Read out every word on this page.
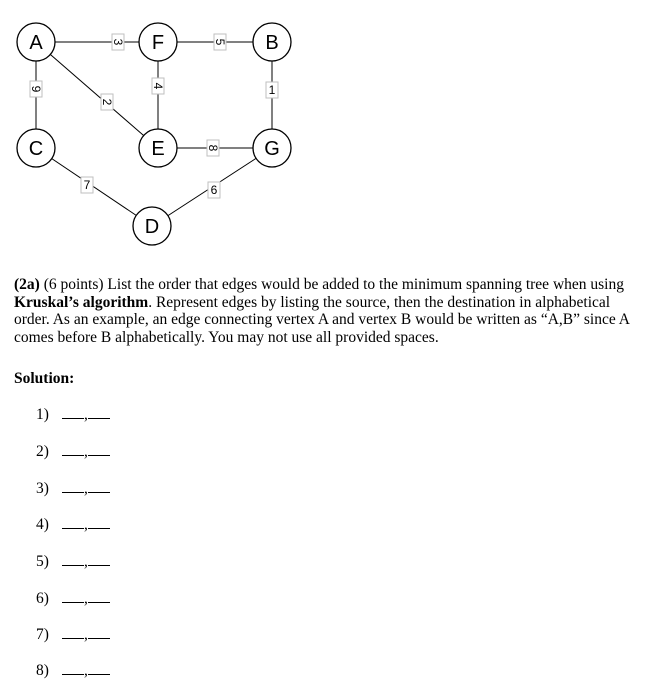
3	5
9
2
4	1
8
7	6
A	F	B
C	E	G
D
(2a) (6 points) List the order that edges would be added to the minimum spanning tree when using Kruskal’s algorithm. Represent edges by listing the source, then the destination in alphabetical order. As an example, an edge connecting vertex A and vertex B would be written as “A,B” since A comes before B alphabetically. You may not use all provided spaces.
Solution:
1) ,
2) ,
3) ,
4) ,
5) ,
6) ,
7) ,
8) ,
